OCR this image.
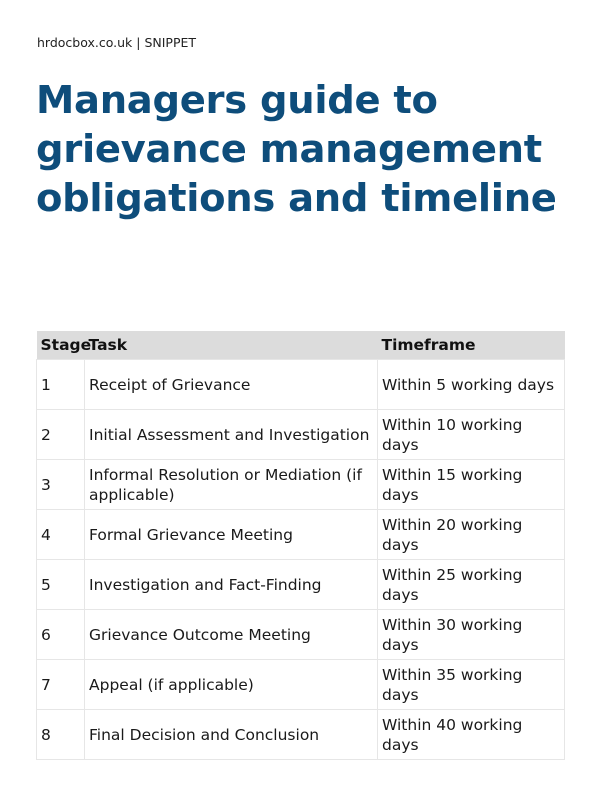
hrdocbox.co.uk | SNIPPET
Managers guide to grievance management obligations and timeline
Stage	Task	Timeframe
1	Receipt of Grievance	Within 5 working days
2	Initial Assessment and Investigation	Within 10 working days
3	Informal Resolution or Mediation (if applicable)	Within 15 working days
4	Formal Grievance Meeting	Within 20 working days
5	Investigation and Fact-Finding	Within 25 working days
6	Grievance Outcome Meeting	Within 30 working days
7	Appeal (if applicable)	Within 35 working days
8	Final Decision and Conclusion	Within 40 working days
